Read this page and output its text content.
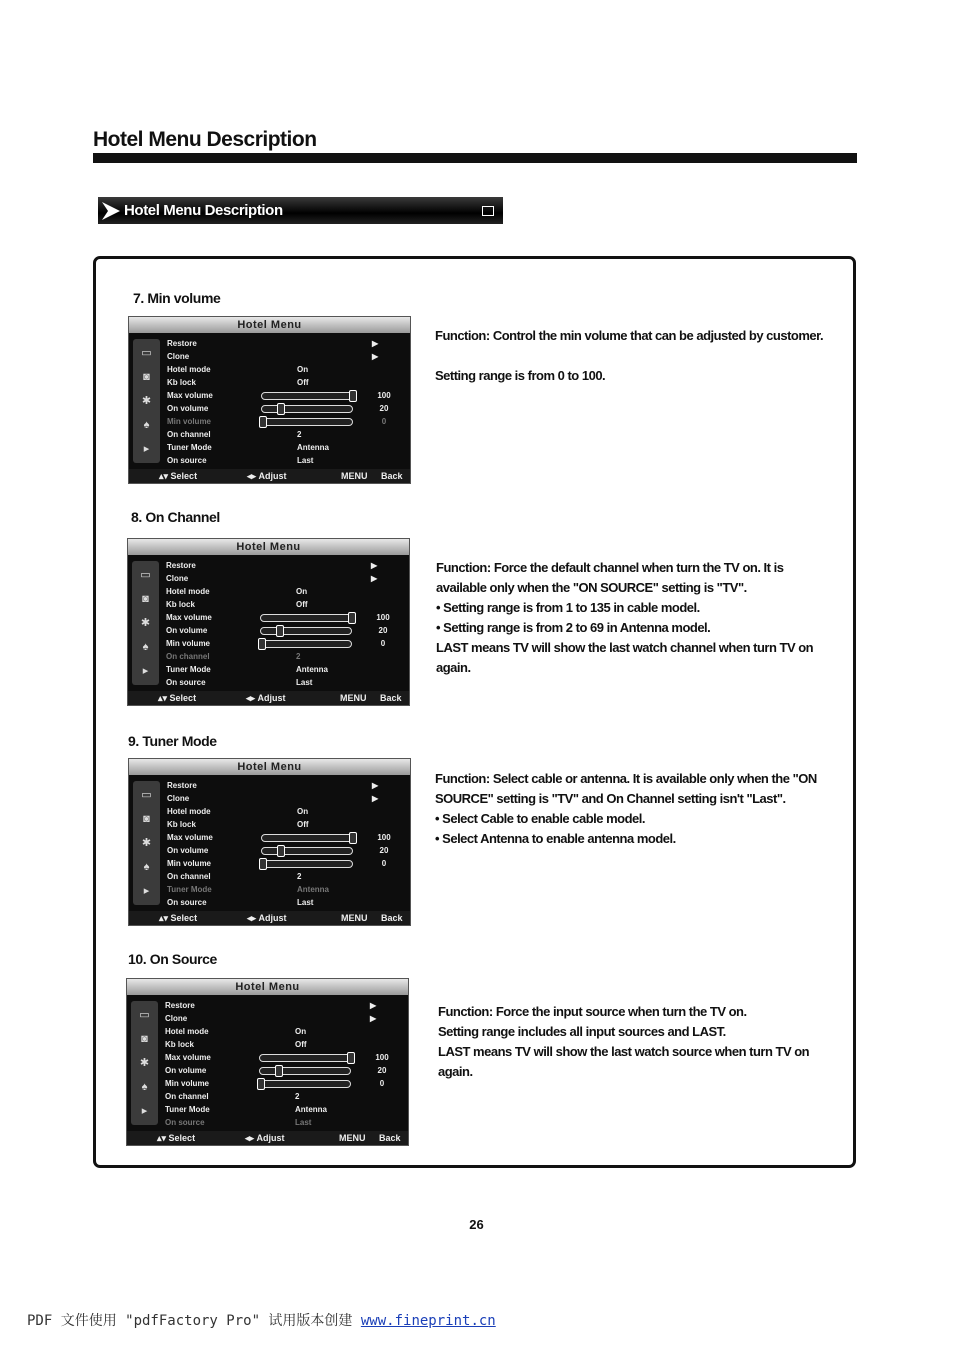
Hotel Menu Description
Hotel Menu Description
7. Min volume
Hotel Menu
▭
◙
✱
♠
▸
Restore	▶
Clone	▶
Hotel mode	On
Kb lock	Off
Max volume	100
On volume	20
Min volume	0
On channel	2
Tuner Mode	Antenna
On source	Last
▴▾ Select	◂▸ Adjust	MENU Back

Function: Control the min volume that can be adjusted by customer.

Setting range is from 0 to 100.

8. On Channel
Hotel Menu
▭
◙
✱
♠
▸
Restore	▶
Clone	▶
Hotel mode	On
Kb lock	Off
Max volume	100
On volume	20
Min volume	0
On channel	2
Tuner Mode	Antenna
On source	Last
▴▾ Select	◂▸ Adjust	MENU Back

Function: Force the default channel when turn the TV on. It is available only when the "ON SOURCE" setting is "TV".

• Setting range is from 1 to 135 in cable model.

• Setting range is from 2 to 69 in Antenna model.

LAST means TV will show the last watch channel when turn TV on again.

9. Tuner Mode
Hotel Menu
▭
◙
✱
♠
▸
Restore	▶
Clone	▶
Hotel mode	On
Kb lock	Off
Max volume	100
On volume	20
Min volume	0
On channel	2
Tuner Mode	Antenna
On source	Last
▴▾ Select	◂▸ Adjust	MENU Back

Function: Select cable or antenna. It is available only when the "ON SOURCE" setting is "TV" and On Channel setting isn't "Last".

• Select Cable to enable cable model.

• Select Antenna to enable antenna model.

10. On Source
Hotel Menu
▭
◙
✱
♠
▸
Restore	▶
Clone	▶
Hotel mode	On
Kb lock	Off
Max volume	100
On volume	20
Min volume	0
On channel	2
Tuner Mode	Antenna
On source	Last
▴▾ Select	◂▸ Adjust	MENU Back

Function: Force the input source when turn the TV on.

Setting range includes all input sources and LAST.

LAST means TV will show the last watch source when turn TV on again.

26
PDF 文件使用 "pdfFactory Pro" 试用版本创建 www.fineprint.cn
